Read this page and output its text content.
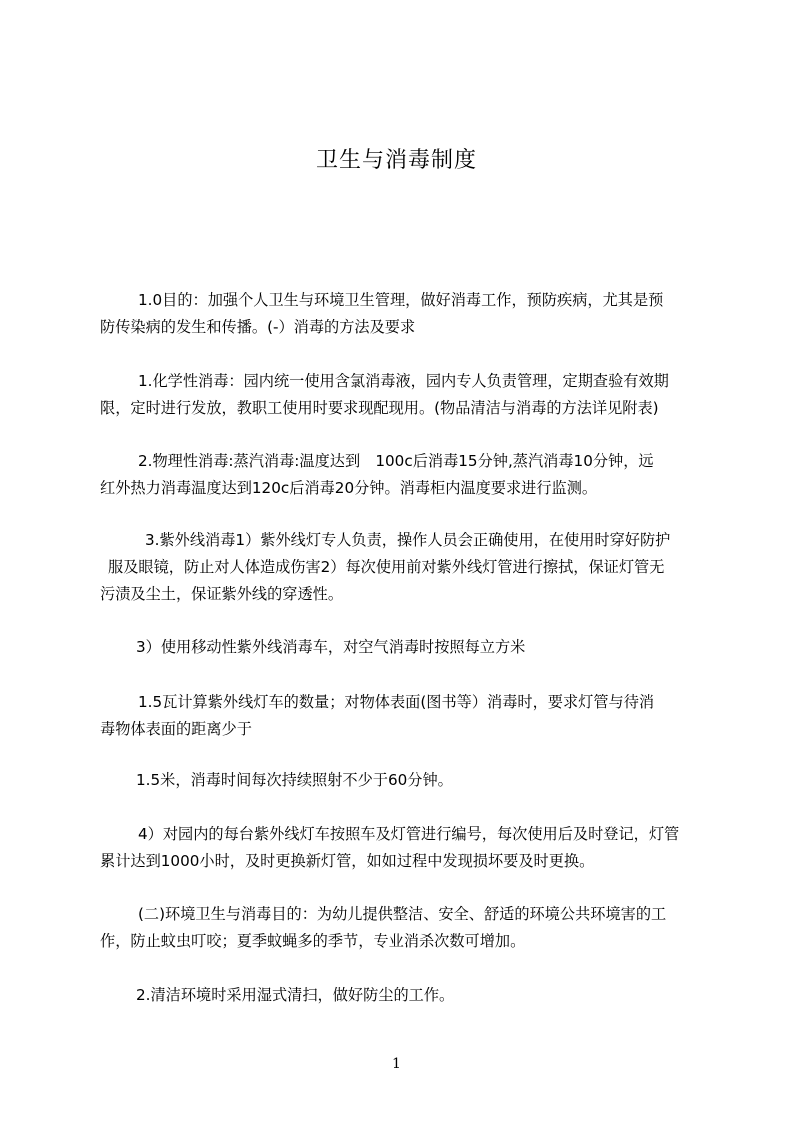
卫生与消毒制度
1.0目的：加强个人卫生与环境卫生管理，做好消毒工作，预防疾病，尤其是预
防传染病的发生和传播。(-）消毒的方法及要求
1.化学性消毒：园内统一使用含氯消毒液，园内专人负责管理，定期查验有效期
限，定时进行发放，教职工使用时要求现配现用。(物品清洁与消毒的方法详见附表)
2.物理性消毒:蒸汽消毒:温度达到　100c后消毒15分钟,蒸汽消毒10分钟，远
红外热力消毒温度达到120c后消毒20分钟。消毒柜内温度要求进行监测。
3.紫外线消毒1）紫外线灯专人负责，操作人员会正确使用，在使用时穿好防护
服及眼镜，防止对人体造成伤害2）每次使用前对紫外线灯管进行擦拭，保证灯管无
污渍及尘土，保证紫外线的穿透性。
3）使用移动性紫外线消毒车，对空气消毒时按照每立方米
1.5瓦计算紫外线灯车的数量；对物体表面(图书等）消毒时，要求灯管与待消
毒物体表面的距离少于
1.5米，消毒时间每次持续照射不少于60分钟。
4）对园内的每台紫外线灯车按照车及灯管进行编号，每次使用后及时登记，灯管
累计达到1000小时，及时更换新灯管，如如过程中发现损坏要及时更换。
(二)环境卫生与消毒目的：为幼儿提供整洁、安全、舒适的环境公共环境害的工
作，防止蚊虫叮咬；夏季蚊蝇多的季节，专业消杀次数可增加。
2.清洁环境时采用湿式清扫，做好防尘的工作。
1
